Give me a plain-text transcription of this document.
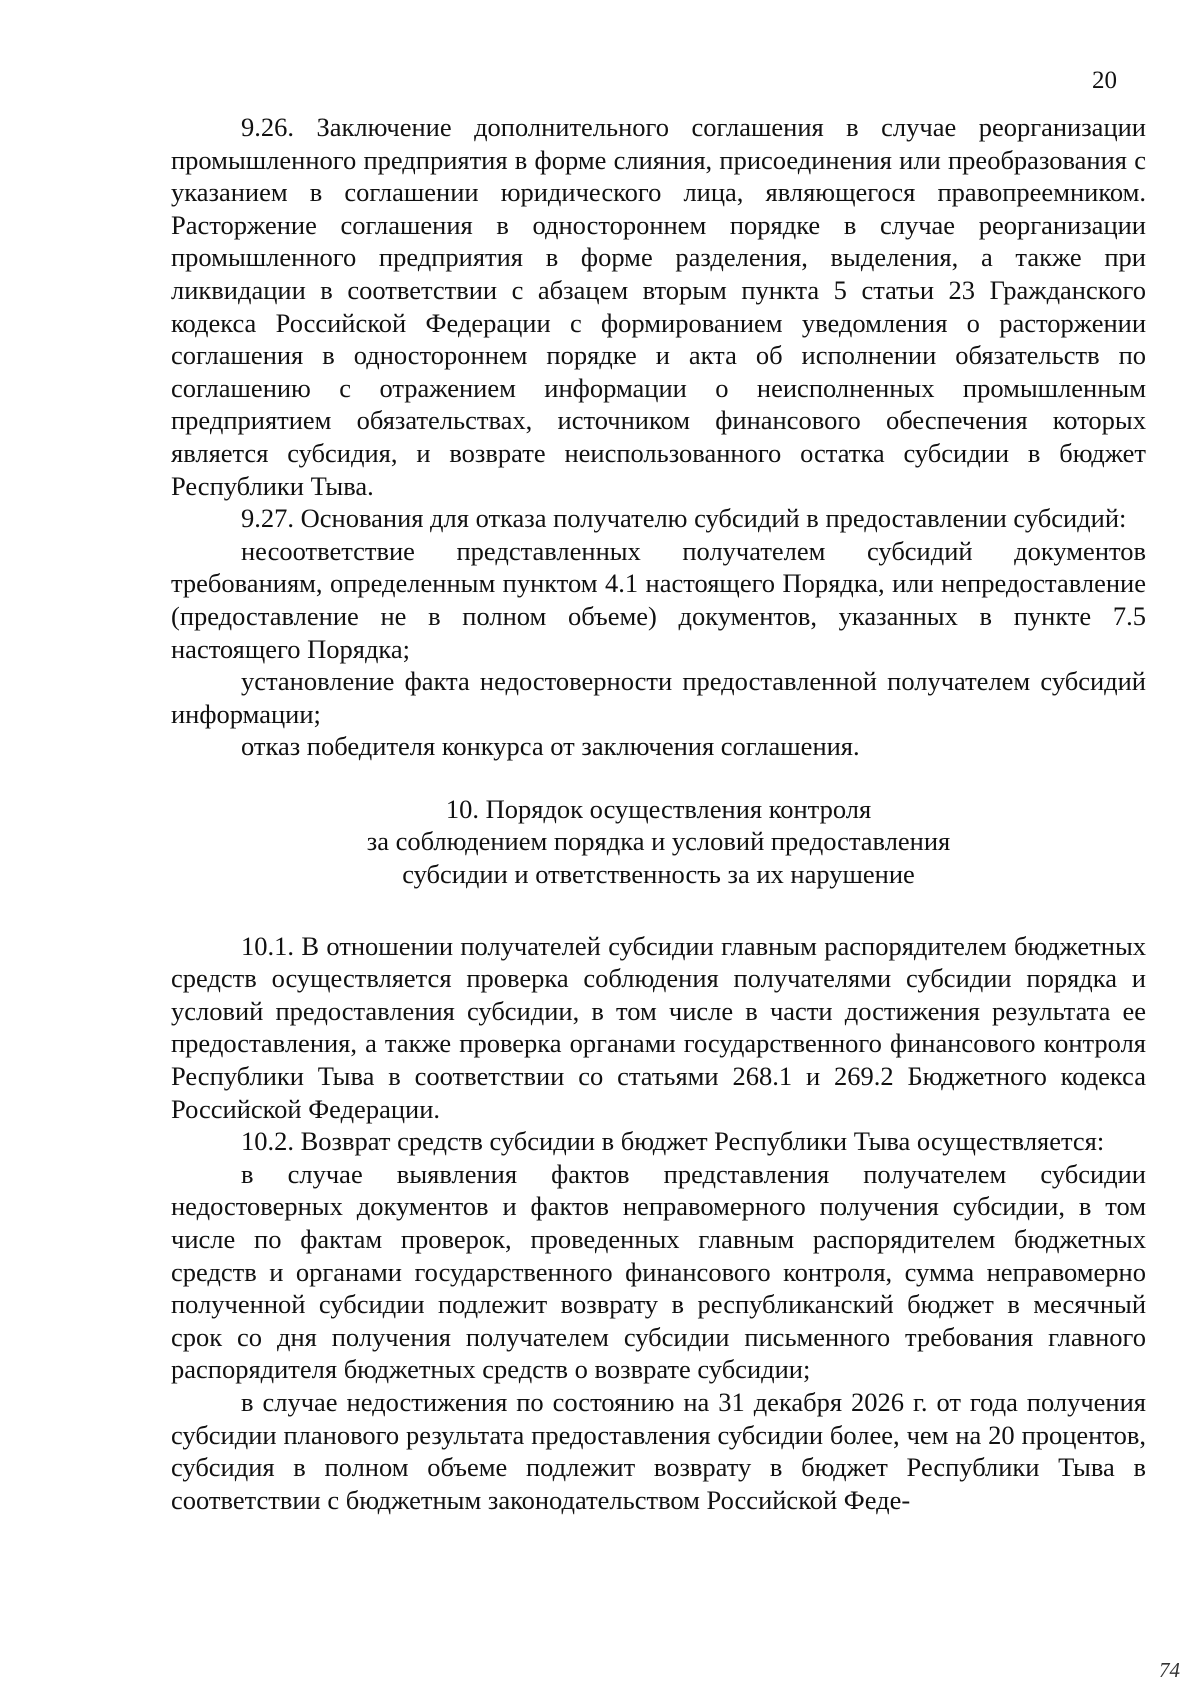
20

9.26. Заключение дополнительного соглашения в случае реорганизации промышленного предприятия в форме слияния, присоединения или преобразования с указанием в соглашении юридического лица, являющегося правопреемником. Расторжение соглашения в одностороннем порядке в случае реорганизации промышленного предприятия в форме разделения, выделения, а также при ликвидации в соответствии с абзацем вторым пункта 5 статьи 23 Гражданского кодекса Российской Федерации с формированием уведомления о расторжении соглашения в одностороннем порядке и акта об исполнении обязательств по соглашению с отражением информации о неисполненных промышленным предприятием обязательствах, источником финансового обеспечения которых является субсидия, и возврате неиспользованного остатка субсидии в бюджет Республики Тыва.

9.27. Основания для отказа получателю субсидий в предоставлении субсидий:

несоответствие представленных получателем субсидий документов требованиям, определенным пунктом 4.1 настоящего Порядка, или непредоставление (предоставление не в полном объеме) документов, указанных в пункте 7.5 настоящего Порядка;

установление факта недостоверности предоставленной получателем субсидий информации;

отказ победителя конкурса от заключения соглашения.

10. Порядок осуществления контроля
за соблюдением порядка и условий предоставления
субсидии и ответственность за их нарушение

10.1. В отношении получателей субсидии главным распорядителем бюджетных средств осуществляется проверка соблюдения получателями субсидии порядка и условий предоставления субсидии, в том числе в части достижения результата ее предоставления, а также проверка органами государственного финансового контроля Республики Тыва в соответствии со статьями 268.1 и 269.2 Бюджетного кодекса Российской Федерации.

10.2. Возврат средств субсидии в бюджет Республики Тыва осуществляется:

в случае выявления фактов представления получателем субсидии недостоверных документов и фактов неправомерного получения субсидии, в том числе по фактам проверок, проведенных главным распорядителем бюджетных средств и органами государственного финансового контроля, сумма неправомерно полученной субсидии подлежит возврату в республиканский бюджет в месячный срок со дня получения получателем субсидии письменного требования главного распорядителя бюджетных средств о возврате субсидии;

в случае недостижения по состоянию на 31 декабря 2026 г. от года получения субсидии планового результата предоставления субсидии более, чем на 20 процентов, субсидия в полном объеме подлежит возврату в бюджет Республики Тыва в соответствии с бюджетным законодательством Российской Феде-

74
